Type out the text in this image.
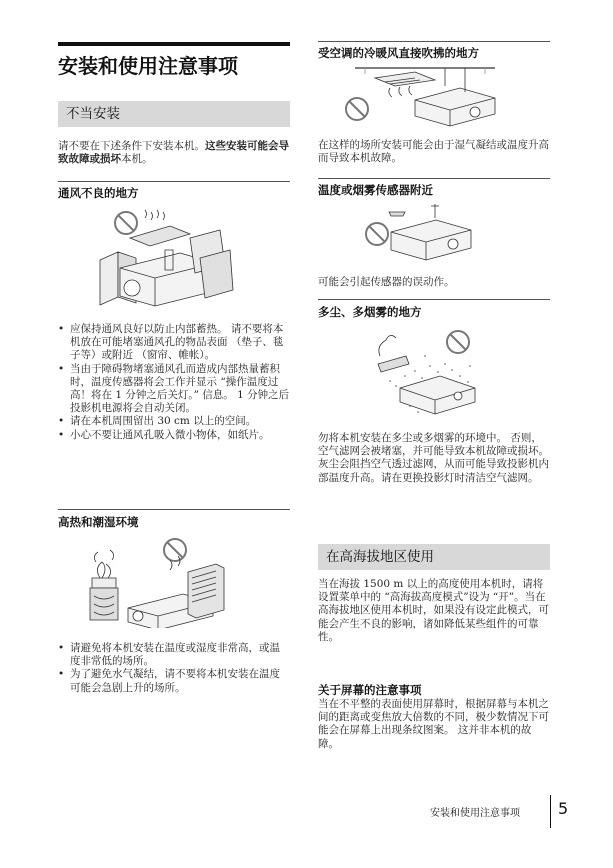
安装和使用注意事项
不当安装
请不要在下述条件下安装本机。这些安装可能会导致故障或损坏本机。
通风不良的地方
• 应保持通风良好以防止内部蓄热。 请不要将本机放在可能堵塞通风孔的物品表面 （垫子、毯子等）或附近 （窗帘、帷帐）。
• 当由于障碍物堵塞通风孔而造成内部热量蓄积时，温度传感器将会工作并显示 “操作温度过高！将在 1 分钟之后关灯。” 信息。 1 分钟之后投影机电源将会自动关闭。
• 请在本机周围留出 30 cm 以上的空间。
• 小心不要让通风孔吸入微小物体，如纸片。
高热和潮湿环境
• 请避免将本机安装在温度或湿度非常高，或温度非常低的场所。
• 为了避免水气凝结，请不要将本机安装在温度可能会急剧上升的场所。
受空调的冷暖风直接吹拂的地方
在这样的场所安装可能会由于湿气凝结或温度升高而导致本机故障。
温度或烟雾传感器附近
可能会引起传感器的误动作。
多尘、多烟雾的地方
勿将本机安装在多尘或多烟雾的环境中。 否则，空气滤网会被堵塞，并可能导致本机故障或损坏。灰尘会阻挡空气透过滤网，从而可能导致投影机内部温度升高。请在更换投影灯时清洁空气滤网。
在高海拔地区使用
当在海拔 1500 m 以上的高度使用本机时，请将设置菜单中的 “高海拔高度模式”设为 “开”。当在高海拔地区使用本机时，如果没有设定此模式，可能会产生不良的影响，诸如降低某些组件的可靠性。
关于屏幕的注意事项
当在不平整的表面使用屏幕时，根据屏幕与本机之间的距离或变焦放大倍数的不同，极少数情况下可能会在屏幕上出现条纹图案。 这并非本机的故障。
安装和使用注意事项 5
